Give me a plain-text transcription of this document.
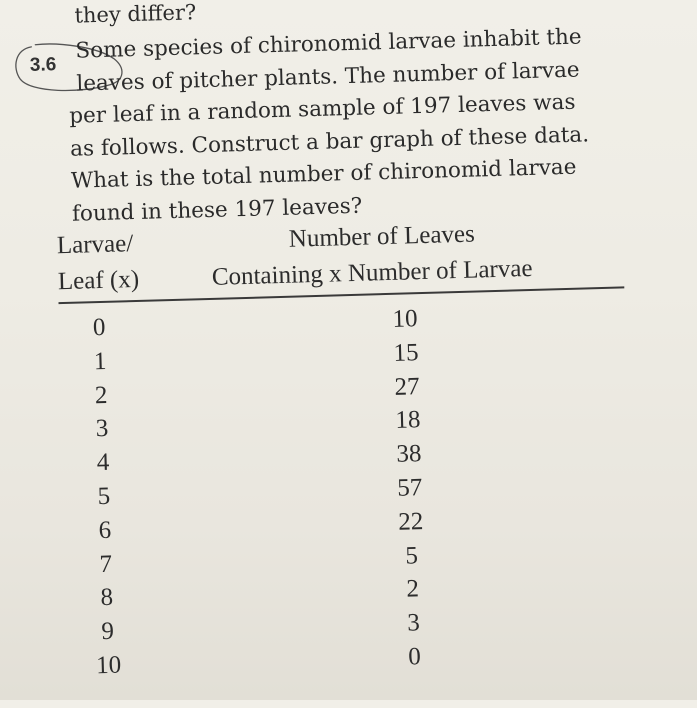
they differ?
3.6
Some species of chironomid larvae inhabit the
leaves of pitcher plants. The number of larvae
per leaf in a random sample of 197 leaves was
as follows. Construct a bar graph of these data.
What is the total number of chironomid larvae
found in these 197 leaves?
Larvae/
Leaf (x)
Number of Leaves
Containing x Number of Larvae
0
1
2
3
4
5
6
7
8
9
10
10
15
27
18
38
57
22
5
2
3
0
